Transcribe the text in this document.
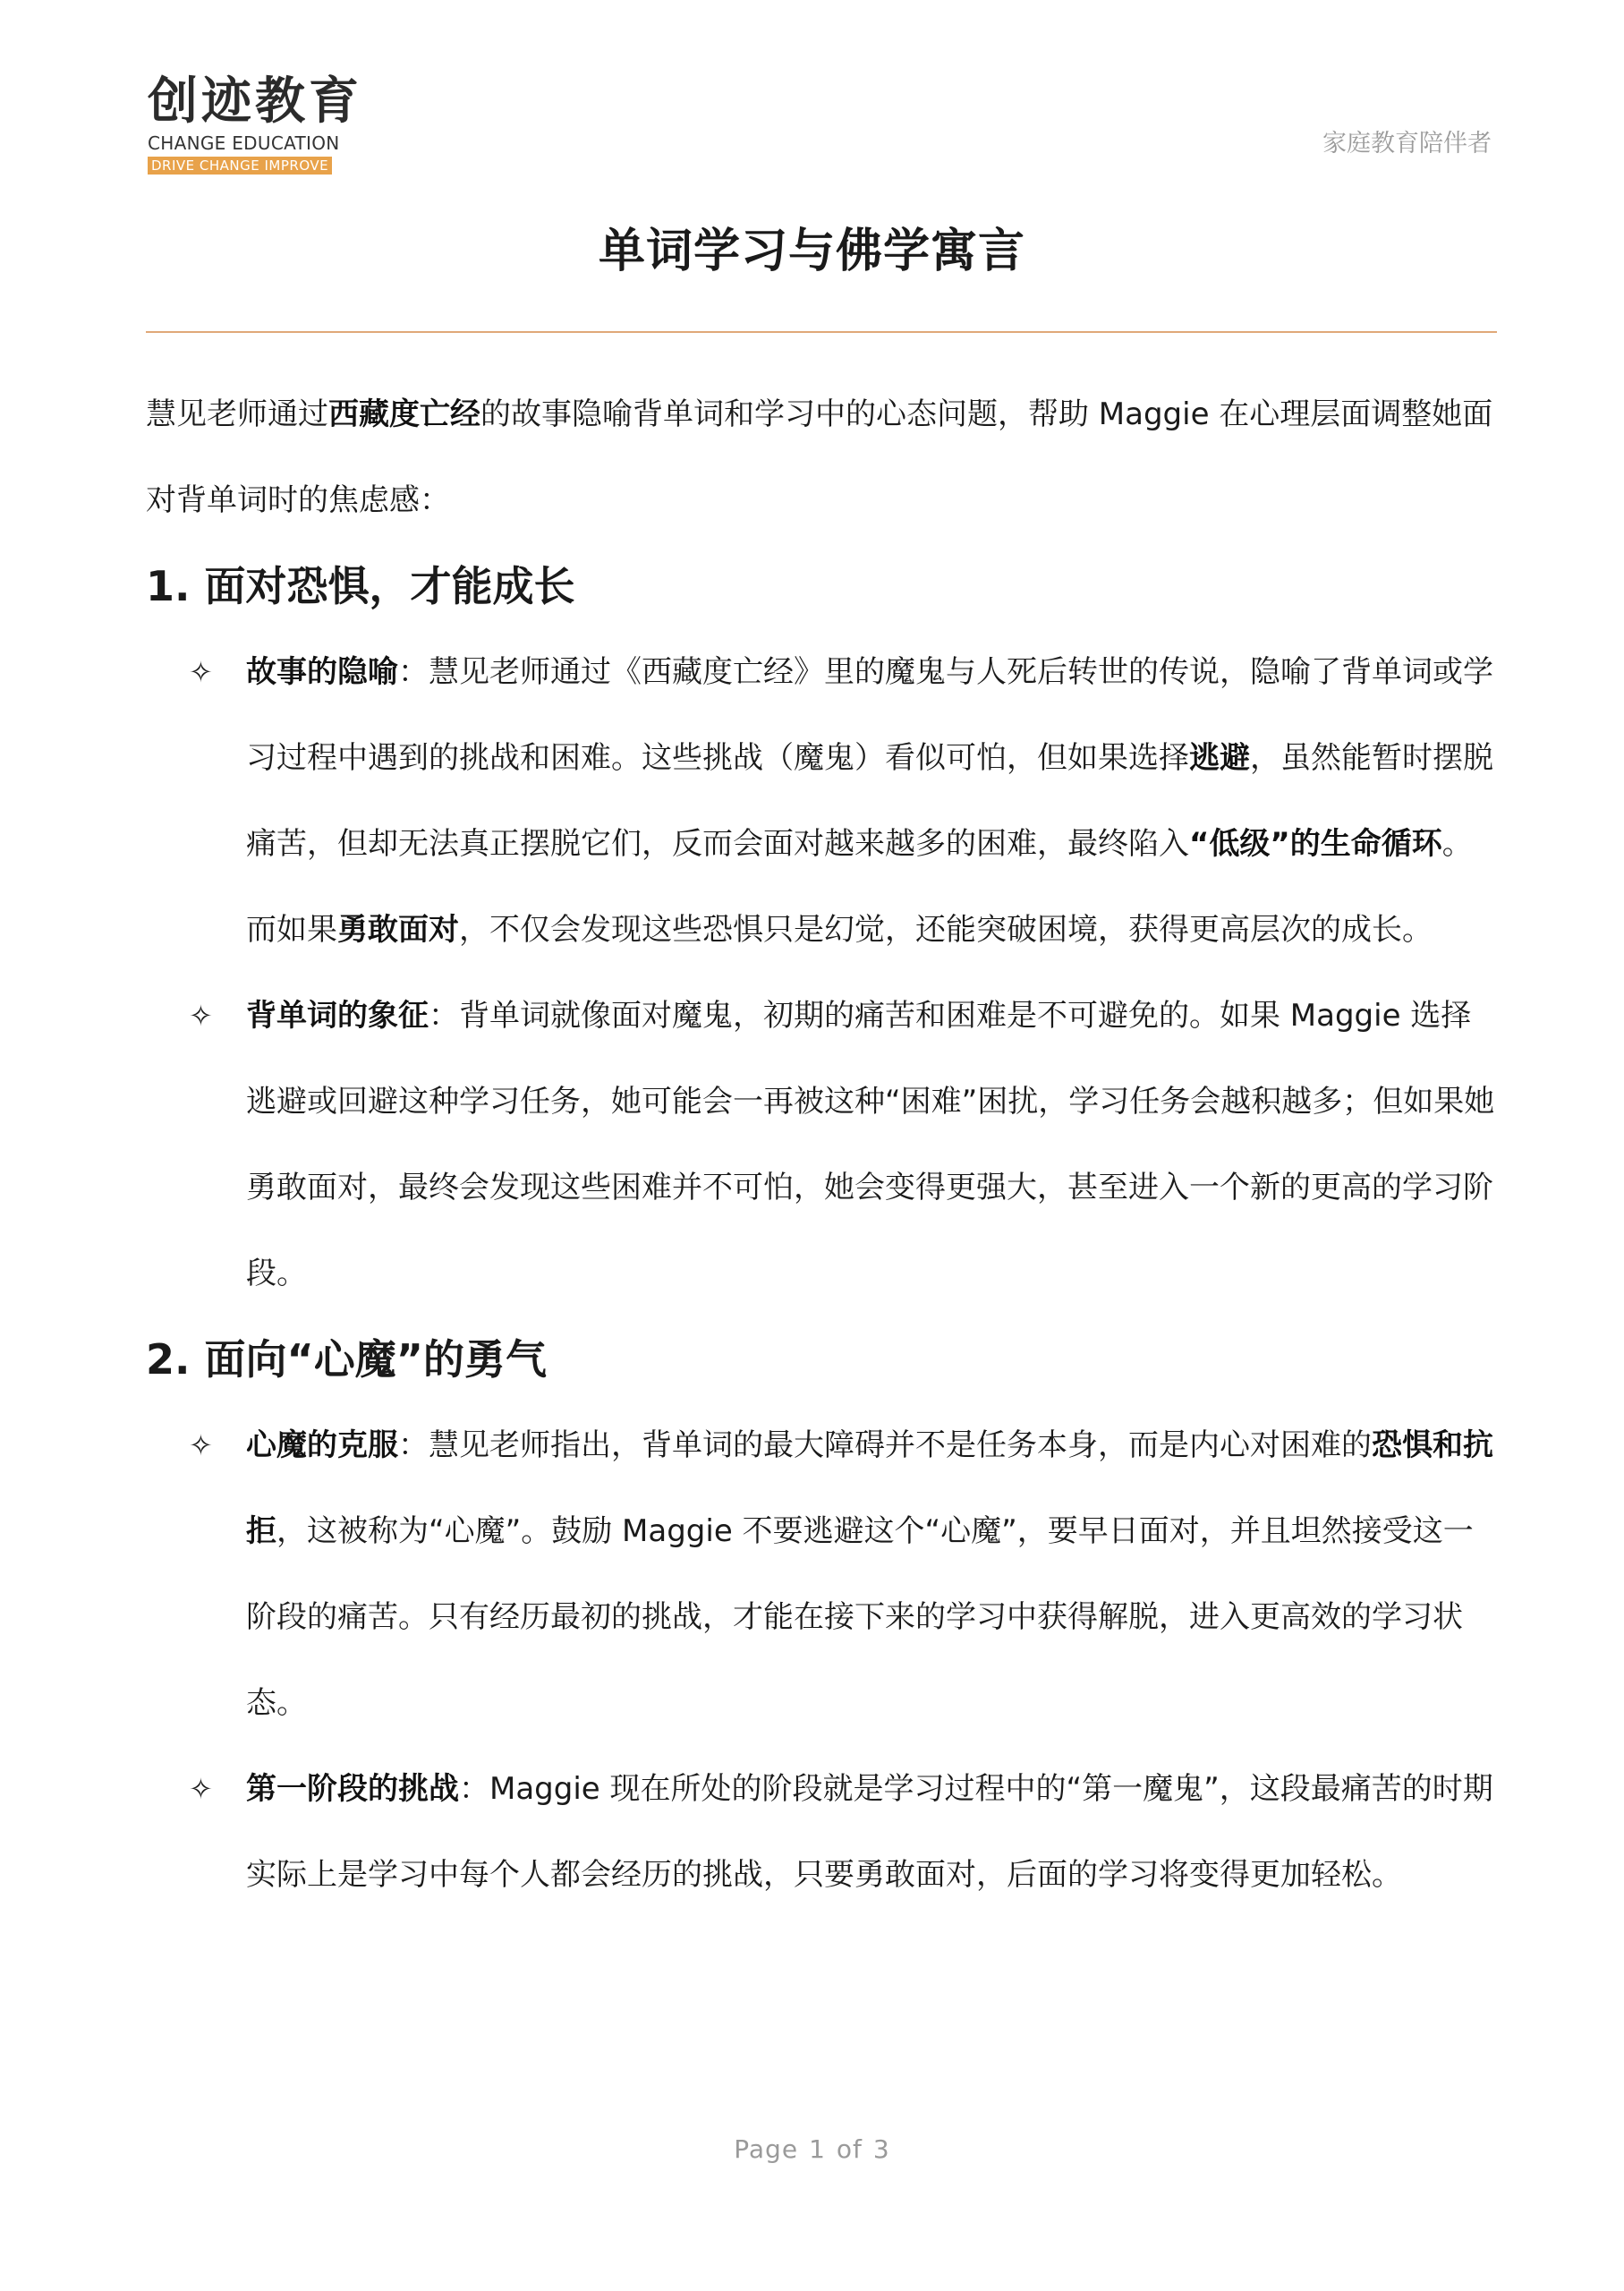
创迹教育
CHANGE EDUCATION
DRIVE CHANGE IMPROVE
家庭教育陪伴者
单词学习与佛学寓言

慧见老师通过西藏度亡经的故事隐喻背单词和学习中的心态问题，帮助 Maggie 在心理层面调整她面对背单词时的焦虑感：

1. 面对恐惧，才能成长

✧ 故事的隐喻：慧见老师通过《西藏度亡经》里的魔鬼与人死后转世的传说，隐喻了背单词或学习过程中遇到的挑战和困难。这些挑战（魔鬼）看似可怕，但如果选择逃避，虽然能暂时摆脱痛苦，但却无法真正摆脱它们，反而会面对越来越多的困难，最终陷入“低级”的生命循环。而如果勇敢面对，不仅会发现这些恐惧只是幻觉，还能突破困境，获得更高层次的成长。

✧ 背单词的象征：背单词就像面对魔鬼，初期的痛苦和困难是不可避免的。如果 Maggie 选择逃避或回避这种学习任务，她可能会一再被这种“困难”困扰，学习任务会越积越多；但如果她勇敢面对，最终会发现这些困难并不可怕，她会变得更强大，甚至进入一个新的更高的学习阶段。

2. 面向“心魔”的勇气

✧ 心魔的克服：慧见老师指出，背单词的最大障碍并不是任务本身，而是内心对困难的恐惧和抗拒，这被称为“心魔”。鼓励 Maggie 不要逃避这个“心魔”，要早日面对，并且坦然接受这一阶段的痛苦。只有经历最初的挑战，才能在接下来的学习中获得解脱，进入更高效的学习状态。

✧ 第一阶段的挑战：Maggie 现在所处的阶段就是学习过程中的“第一魔鬼”，这段最痛苦的时期实际上是学习中每个人都会经历的挑战，只要勇敢面对，后面的学习将变得更加轻松。

Page 1 of 3
